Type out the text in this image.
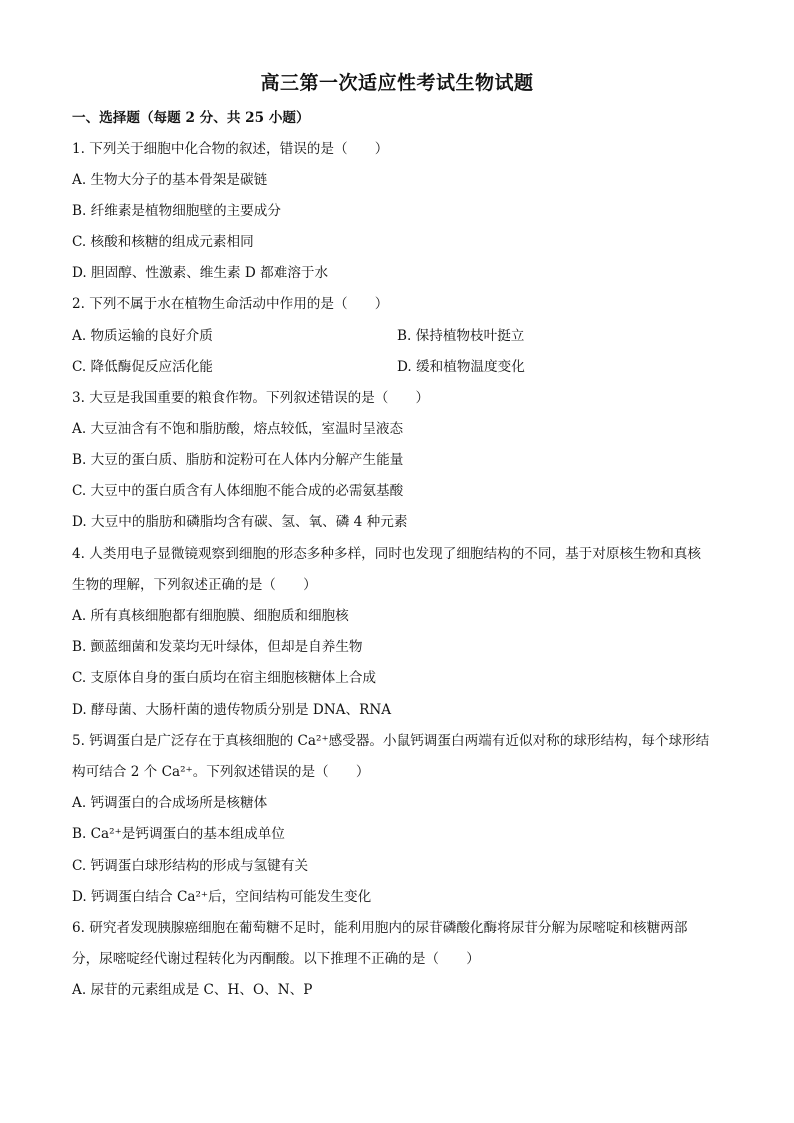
高三第一次适应性考试生物试题
一、选择题（每题 2 分、共 25 小题）
1. 下列关于细胞中化合物的叙述，错误的是（　　）
A. 生物大分子的基本骨架是碳链
B. 纤维素是植物细胞壁的主要成分
C. 核酸和核糖的组成元素相同
D. 胆固醇、性激素、维生素 D 都难溶于水
2. 下列不属于水在植物生命活动中作用的是（　　）
A. 物质运输的良好介质	B. 保持植物枝叶挺立
C. 降低酶促反应活化能	D. 缓和植物温度变化
3. 大豆是我国重要的粮食作物。下列叙述错误的是（　　）
A. 大豆油含有不饱和脂肪酸，熔点较低，室温时呈液态
B. 大豆的蛋白质、脂肪和淀粉可在人体内分解产生能量
C. 大豆中的蛋白质含有人体细胞不能合成的必需氨基酸
D. 大豆中的脂肪和磷脂均含有碳、氢、氧、磷 4 种元素
4. 人类用电子显微镜观察到细胞的形态多种多样，同时也发现了细胞结构的不同，基于对原核生物和真核
生物的理解，下列叙述正确的是（　　）
A. 所有真核细胞都有细胞膜、细胞质和细胞核
B. 颤蓝细菌和发菜均无叶绿体，但却是自养生物
C. 支原体自身的蛋白质均在宿主细胞核糖体上合成
D. 酵母菌、大肠杆菌的遗传物质分别是 DNA、RNA
5. 钙调蛋白是广泛存在于真核细胞的 Ca²⁺感受器。小鼠钙调蛋白两端有近似对称的球形结构，每个球形结
构可结合 2 个 Ca²⁺。下列叙述错误的是（　　）
A. 钙调蛋白的合成场所是核糖体
B. Ca²⁺是钙调蛋白的基本组成单位
C. 钙调蛋白球形结构的形成与氢键有关
D. 钙调蛋白结合 Ca²⁺后，空间结构可能发生变化
6. 研究者发现胰腺癌细胞在葡萄糖不足时，能利用胞内的尿苷磷酸化酶将尿苷分解为尿嘧啶和核糖两部
分，尿嘧啶经代谢过程转化为丙酮酸。以下推理不正确的是（　　）
A. 尿苷的元素组成是 C、H、O、N、P
